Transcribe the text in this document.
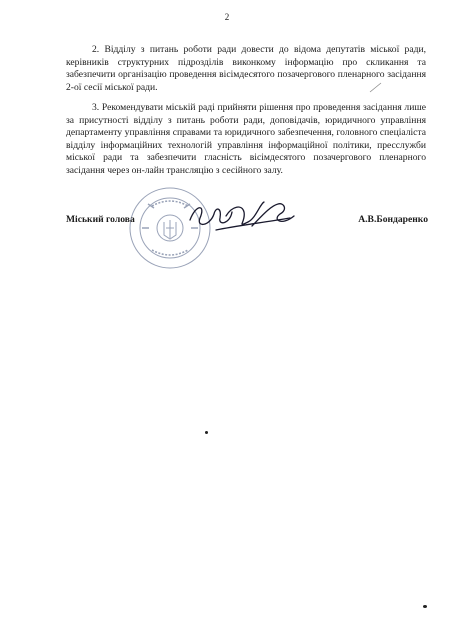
2

2. Відділу з питань роботи ради довести до відома депутатів міської ради, керівників структурних підрозділів виконкому інформацію про скликання та забезпечити організацію проведення вісімдесятого позачергового пленарного засідання 2-ої сесії міської ради.

3. Рекомендувати міській раді прийняти рішення про проведення засідання лише за присутності відділу з питань роботи ради, доповідачів, юридичного управління департаменту управління справами та юридичного забезпечення, головного спеціаліста відділу інформаційних технологій управління інформаційної політики, пресслужби міської ради та забезпечити гласність вісімдесятого позачергового пленарного засідання через он-лайн трансляцію з сесійного залу.

Міський голова	А.В.Бондаренко
